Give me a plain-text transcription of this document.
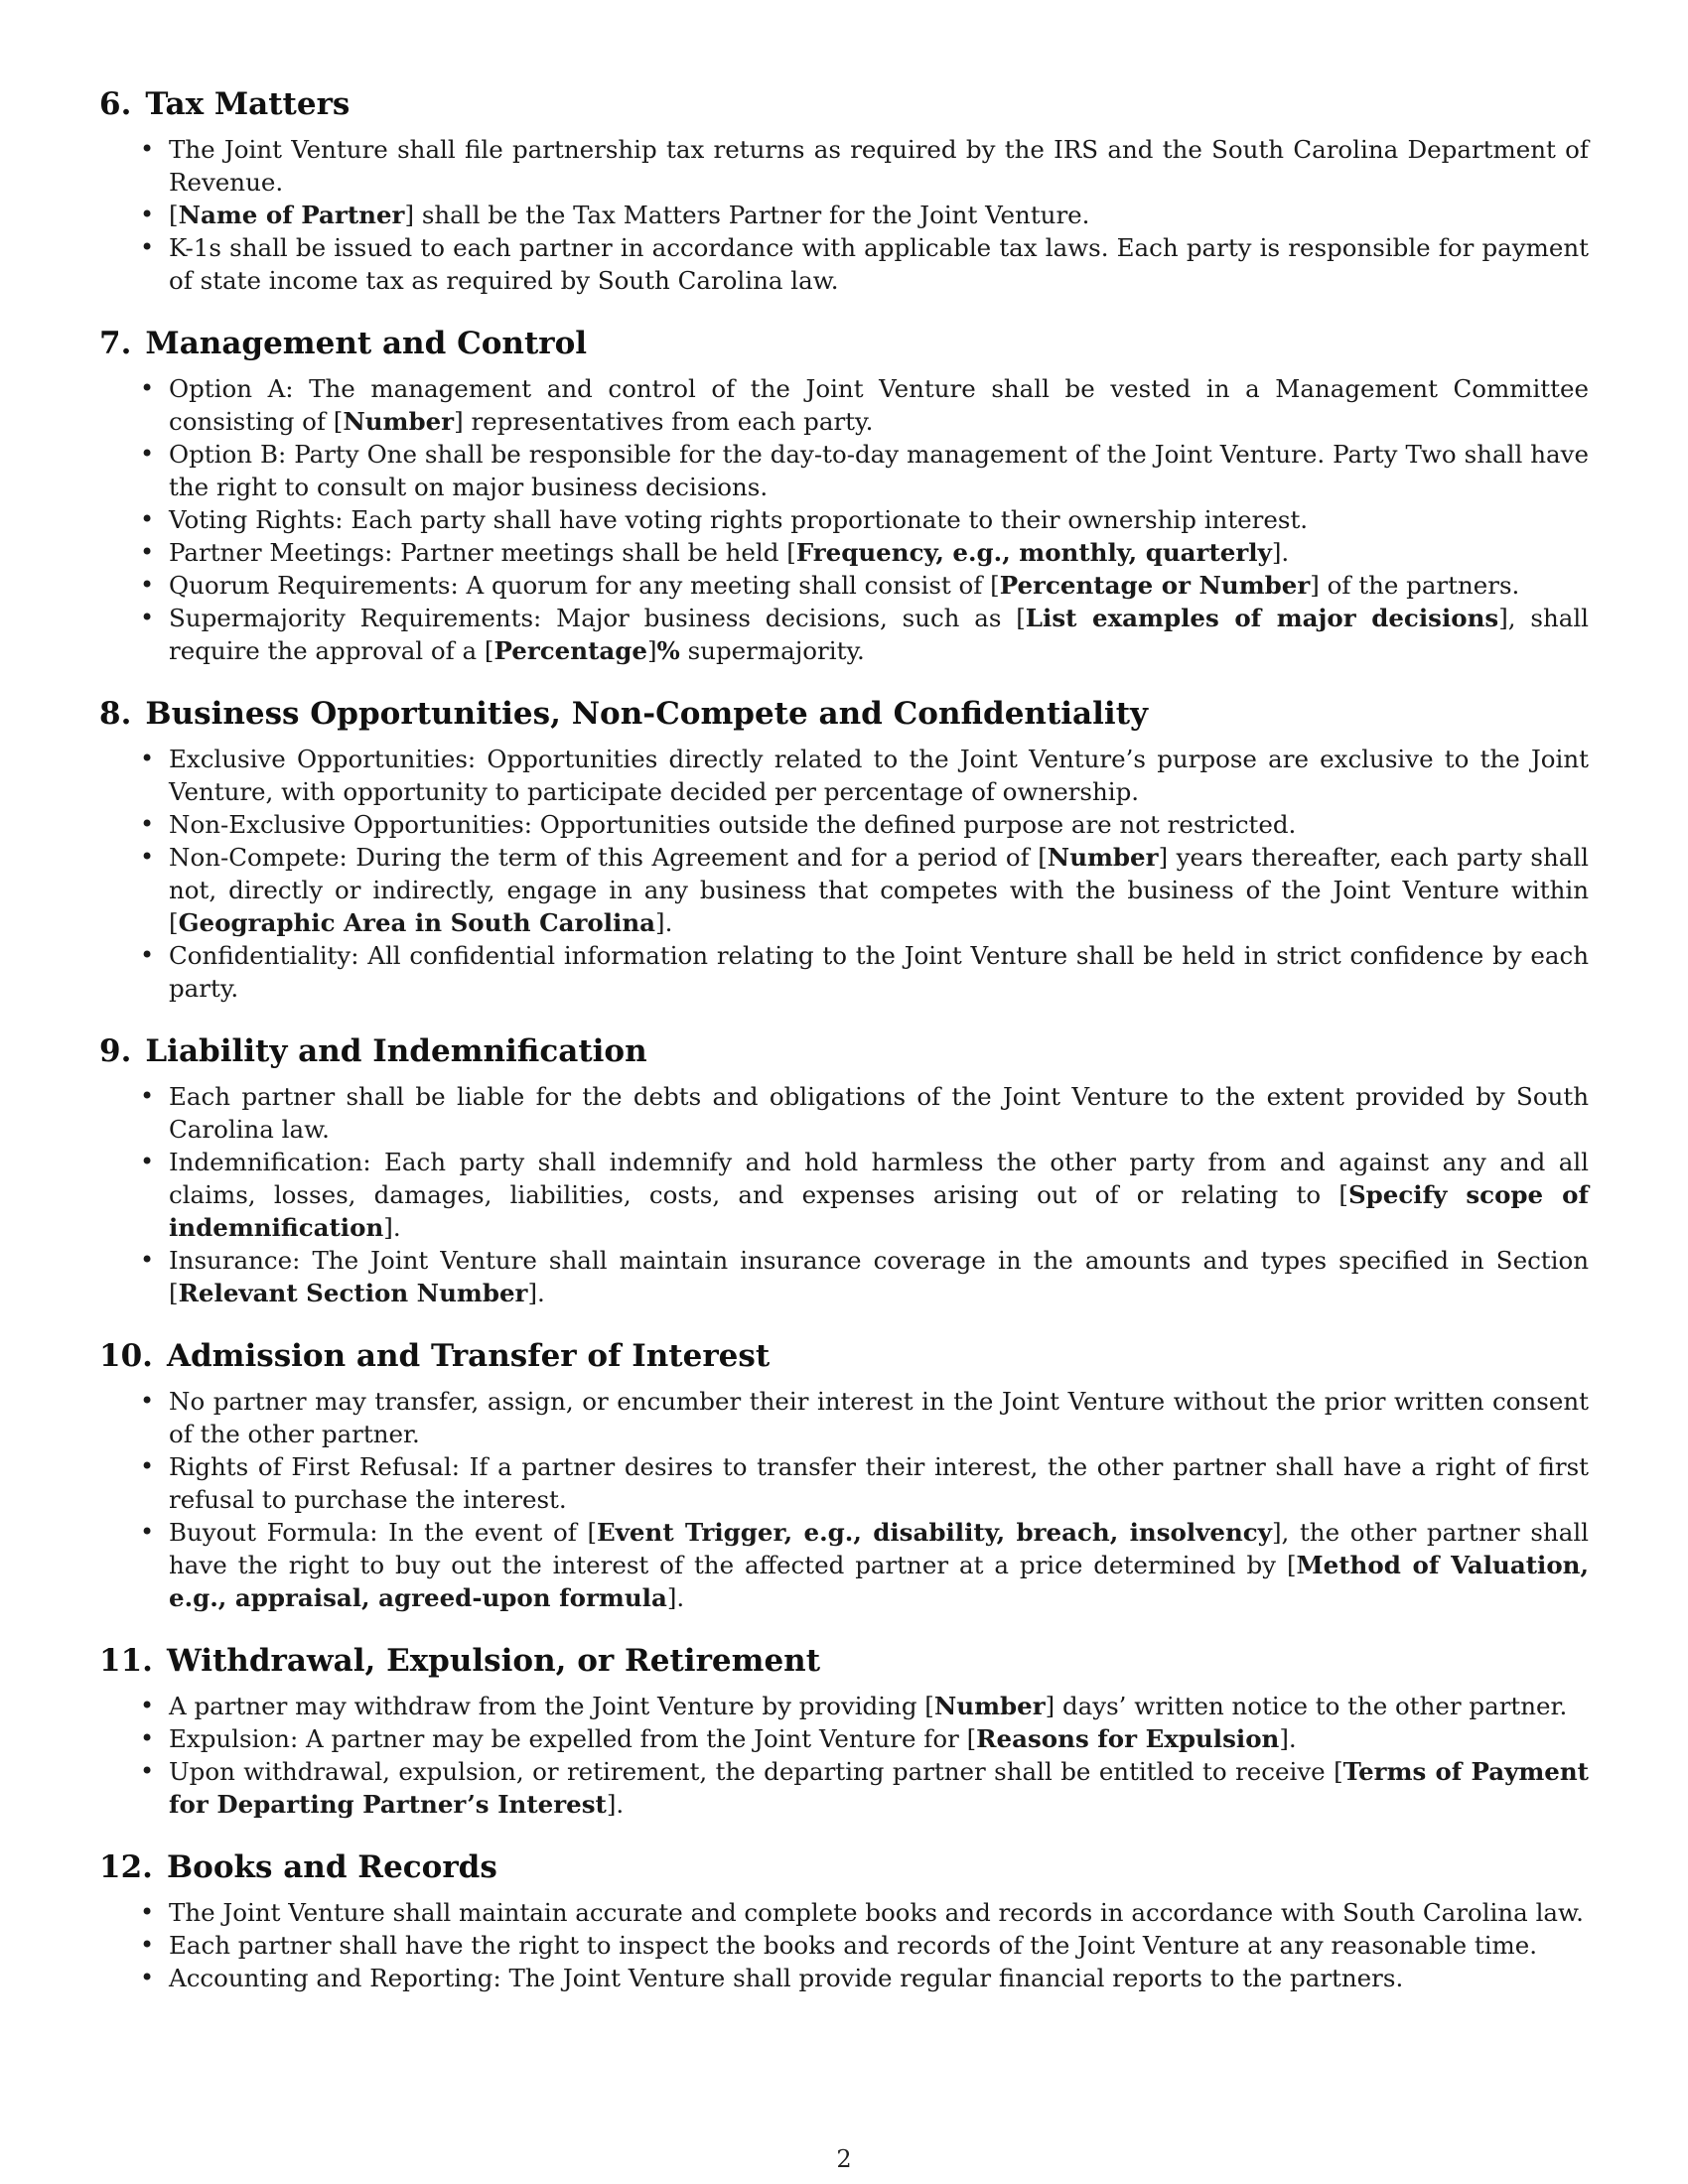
6. Tax Matters
• The Joint Venture shall file partnership tax returns as required by the IRS and the South Carolina Department of Revenue.
• [Name of Partner] shall be the Tax Matters Partner for the Joint Venture.
• K-1s shall be issued to each partner in accordance with applicable tax laws. Each party is responsible for payment of state income tax as required by South Carolina law.
7. Management and Control
• Option A: The management and control of the Joint Venture shall be vested in a Management Committee consisting of [Number] representatives from each party.
• Option B: Party One shall be responsible for the day-to-day management of the Joint Venture. Party Two shall have the right to consult on major business decisions.
• Voting Rights: Each party shall have voting rights proportionate to their ownership interest.
• Partner Meetings: Partner meetings shall be held [Frequency, e.g., monthly, quarterly].
• Quorum Requirements: A quorum for any meeting shall consist of [Percentage or Number] of the partners.
• Supermajority Requirements: Major business decisions, such as [List examples of major decisions], shall require the approval of a [Percentage]% supermajority.
8. Business Opportunities, Non-Compete and Confidentiality
• Exclusive Opportunities: Opportunities directly related to the Joint Venture’s purpose are exclusive to the Joint Venture, with opportunity to participate decided per percentage of ownership.
• Non-Exclusive Opportunities: Opportunities outside the defined purpose are not restricted.
• Non-Compete: During the term of this Agreement and for a period of [Number] years thereafter, each party shall not, directly or indirectly, engage in any business that competes with the business of the Joint Venture within [Geographic Area in South Carolina].
• Confidentiality: All confidential information relating to the Joint Venture shall be held in strict confidence by each party.
9. Liability and Indemnification
• Each partner shall be liable for the debts and obligations of the Joint Venture to the extent provided by South Carolina law.
• Indemnification: Each party shall indemnify and hold harmless the other party from and against any and all claims, losses, damages, liabilities, costs, and expenses arising out of or relating to [Specify scope of indemnification].
• Insurance: The Joint Venture shall maintain insurance coverage in the amounts and types specified in Section [Relevant Section Number].
10. Admission and Transfer of Interest
• No partner may transfer, assign, or encumber their interest in the Joint Venture without the prior written consent of the other partner.
• Rights of First Refusal: If a partner desires to transfer their interest, the other partner shall have a right of first refusal to purchase the interest.
• Buyout Formula: In the event of [Event Trigger, e.g., disability, breach, insolvency], the other partner shall have the right to buy out the interest of the affected partner at a price determined by [Method of Valuation, e.g., appraisal, agreed-upon formula].
11. Withdrawal, Expulsion, or Retirement
• A partner may withdraw from the Joint Venture by providing [Number] days’ written notice to the other partner.
• Expulsion: A partner may be expelled from the Joint Venture for [Reasons for Expulsion].
• Upon withdrawal, expulsion, or retirement, the departing partner shall be entitled to receive [Terms of Payment for Departing Partner’s Interest].
12. Books and Records
• The Joint Venture shall maintain accurate and complete books and records in accordance with South Carolina law.
• Each partner shall have the right to inspect the books and records of the Joint Venture at any reasonable time.
• Accounting and Reporting: The Joint Venture shall provide regular financial reports to the partners.
2
